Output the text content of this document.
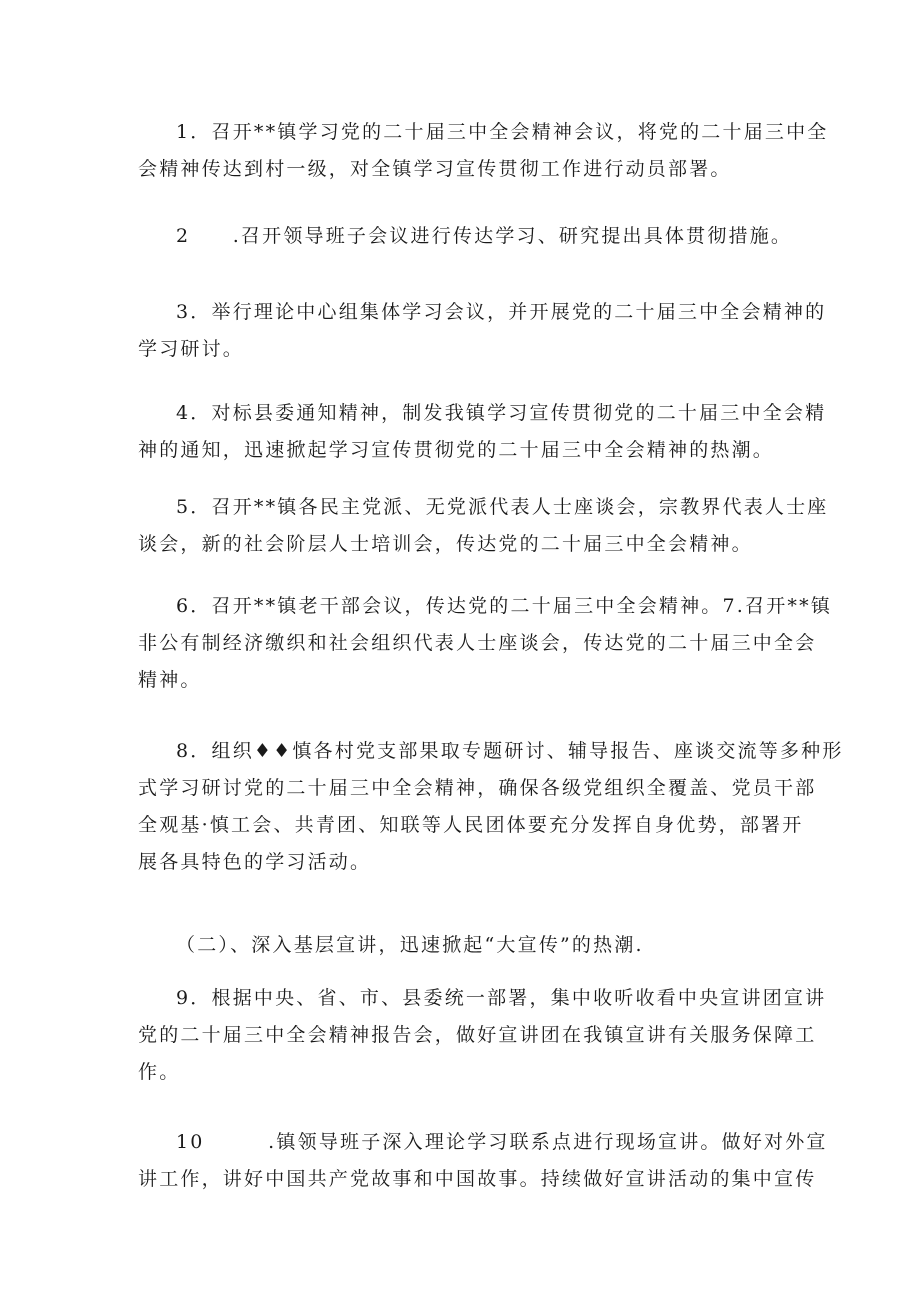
1．召开**镇学习党的二十届三中全会精神会议，将党的二十届三中全
会精神传达到村一级，对全镇学习宣传贯彻工作进行动员部署。
2　　.召开领导班子会议进行传达学习、研究提出具体贯彻措施。
3．举行理论中心组集体学习会议，并开展党的二十届三中全会精神的
学习研讨。
4．对标县委通知精神，制发我镇学习宣传贯彻党的二十届三中全会精
神的通知，迅速掀起学习宣传贯彻党的二十届三中全会精神的热潮。
5．召开**镇各民主党派、无党派代表人士座谈会，宗教界代表人士座
谈会，新的社会阶层人士培训会，传达党的二十届三中全会精神。
6．召开**镇老干部会议，传达党的二十届三中全会精神。7.召开**镇
非公有制经济缴织和社会组织代表人士座谈会，传达党的二十届三中全会
精神。
8．组织♦♦慎各村党支部果取专题研讨、辅导报告、座谈交流等多种形
式学习研讨党的二十届三中全会精神，确保各级党组织全覆盖、党员干部
全观基·慎工会、共青团、知联等人民团体要充分发挥自身优势，部署开
展各具特色的学习活动。
（二）、深入基层宣讲，迅速掀起“大宣传”的热潮.
9．根据中央、省、市、县委统一部署，集中收听收看中央宣讲团宣讲
党的二十届三中全会精神报告会，做好宣讲团在我镇宣讲有关服务保障工
作。
10　　　.镇领导班子深入理论学习联系点进行现场宣讲。做好对外宣
讲工作，讲好中国共产党故事和中国故事。持续做好宣讲活动的集中宣传
